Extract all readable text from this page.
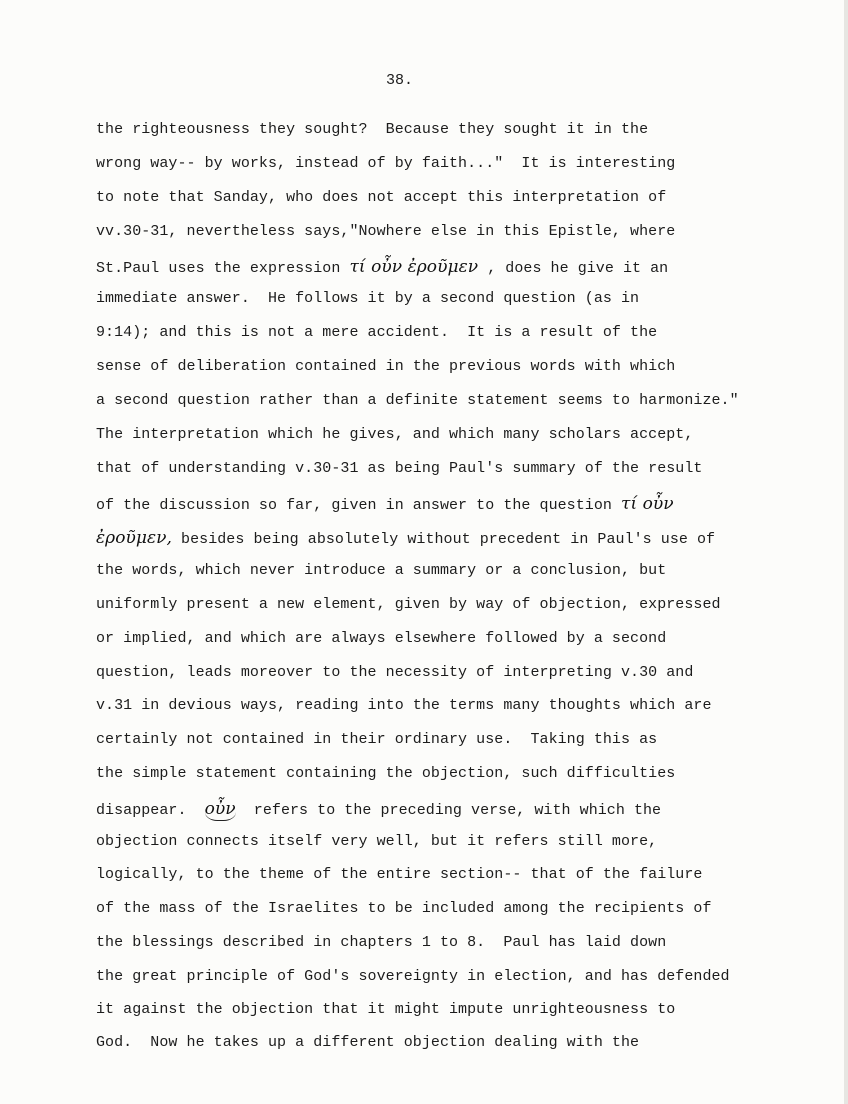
38.
the righteousness they sought?  Because they sought it in the
wrong way-- by works, instead of by faith..."  It is interesting
to note that Sanday, who does not accept this interpretation of
vv.30-31, nevertheless says,"Nowhere else in this Epistle, where
St.Paul uses the expression τί οὖν ἐροῦμεν , does he give it an
immediate answer.  He follows it by a second question (as in
9:14); and this is not a mere accident.  It is a result of the
sense of deliberation contained in the previous words with which
a second question rather than a definite statement seems to harmonize."
The interpretation which he gives, and which many scholars accept,
that of understanding v.30-31 as being Paul's summary of the result
of the discussion so far, given in answer to the question τί οὖν
ἐροῦμεν, besides being absolutely without precedent in Paul's use of
the words, which never introduce a summary or a conclusion, but
uniformly present a new element, given by way of objection, expressed
or implied, and which are always elsewhere followed by a second
question, leads moreover to the necessity of interpreting v.30 and
v.31 in devious ways, reading into the terms many thoughts which are
certainly not contained in their ordinary use.  Taking this as
the simple statement containing the objection, such difficulties
disappear.  οὖν  refers to the preceding verse, with which the
objection connects itself very well, but it refers still more,
logically, to the theme of the entire section-- that of the failure
of the mass of the Israelites to be included among the recipients of
the blessings described in chapters 1 to 8.  Paul has laid down
the great principle of God's sovereignty in election, and has defended
it against the objection that it might impute unrighteousness to
God.  Now he takes up a different objection dealing with the
